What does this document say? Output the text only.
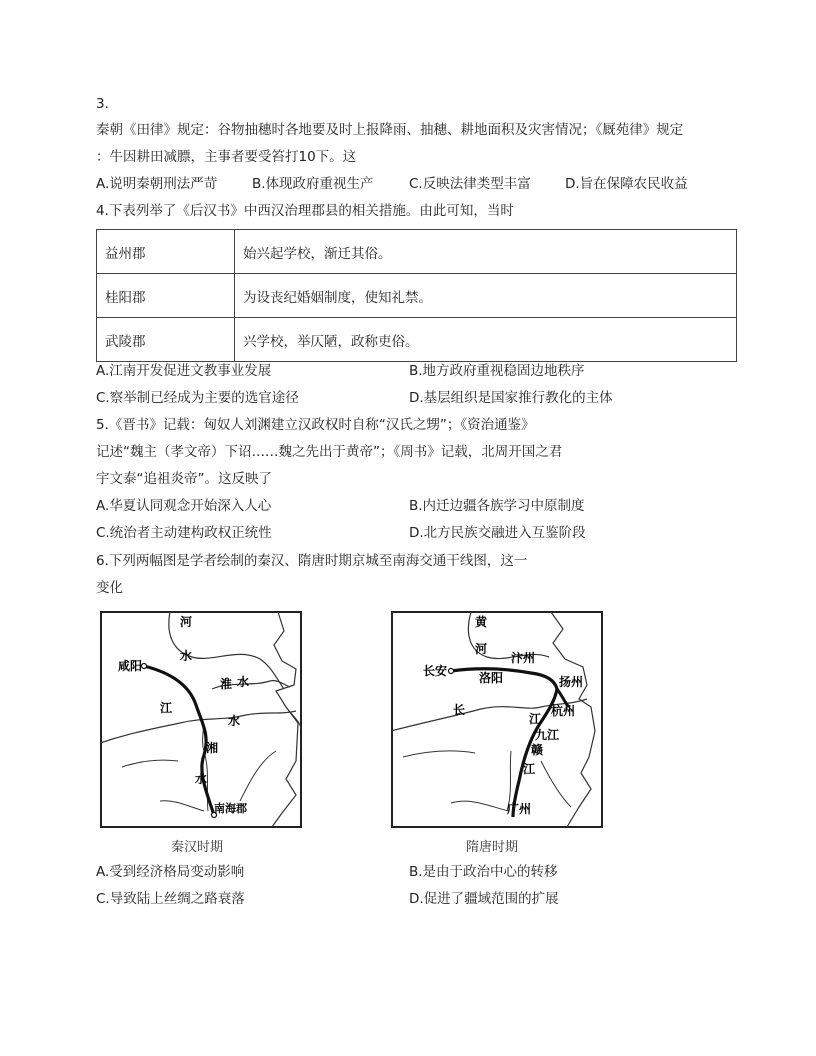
3.
秦朝《田律》规定：谷物抽穗时各地要及时上报降雨、抽穗、耕地面积及灾害情况；《厩苑律》规定
：牛因耕田减膘，主事者要受笞打10下。这
A.说明秦朝刑法严苛	B.体现政府重视生产	C.反映法律类型丰富	D.旨在保障农民收益
4.下表列举了《后汉书》中西汉治理郡县的相关措施。由此可知，当时
益州郡	始兴起学校，渐迁其俗。
桂阳郡	为设丧纪婚姻制度，使知礼禁。
武陵郡	兴学校，举仄陋，政称吏俗。
A.江南开发促进文教事业发展	B.地方政府重视稳固边地秩序
C.察举制已经成为主要的选官途径	D.基层组织是国家推行教化的主体
5.《晋书》记载：匈奴人刘渊建立汉政权时自称“汉氏之甥”；《资治通鉴》
记述“魏主（孝文帝）下诏……魏之先出于黄帝”；《周书》记载，北周开国之君
宇文泰“追祖炎帝”。这反映了
A.华夏认同观念开始深入人心	B.内迁边疆各族学习中原制度
C.统治者主动建构政权正统性	D.北方民族交融进入互鉴阶段
6.下列两幅图是学者绘制的秦汉、隋唐时期京城至南海交通干线图，这一
变化
河
水
咸阳
淮 水
江
水
湘
水
南海郡
秦汉时期
黄
河
汴州
长安	洛阳	扬州
长	杭州
江
九江
赣
江
广州
隋唐时期
A.受到经济格局变动影响	B.是由于政治中心的转移
C.导致陆上丝绸之路衰落	D.促进了疆域范围的扩展
